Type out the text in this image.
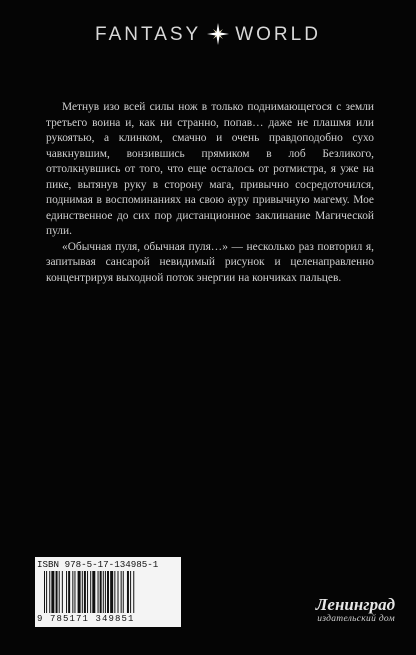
FANTASY WORLD

Метнув изо всей силы нож в только поднимающегося с земли третьего воина и, как ни странно, попав… даже не плашмя или рукоятью, а клинком, смачно и очень правдоподобно сухо чавкнувшим, вонзившись прямиком в лоб Безликого, оттолкнувшись от того, что еще осталось от ротмистра, я уже на пике, вытянув руку в сторону мага, привычно сосредоточился, поднимая в воспоминаниях на свою ауру привычную магему. Мое единственное до сих пор дистанционное заклинание Магической пули.

«Обычная пуля, обычная пуля…» — несколько раз повторил я, запитывая сансарой невидимый рисунок и целенаправленно концентрируя выходной поток энергии на кончиках пальцев.

ISBN 978-5-17-134985-1
9 785171 349851
Ленинград
издательский дом
